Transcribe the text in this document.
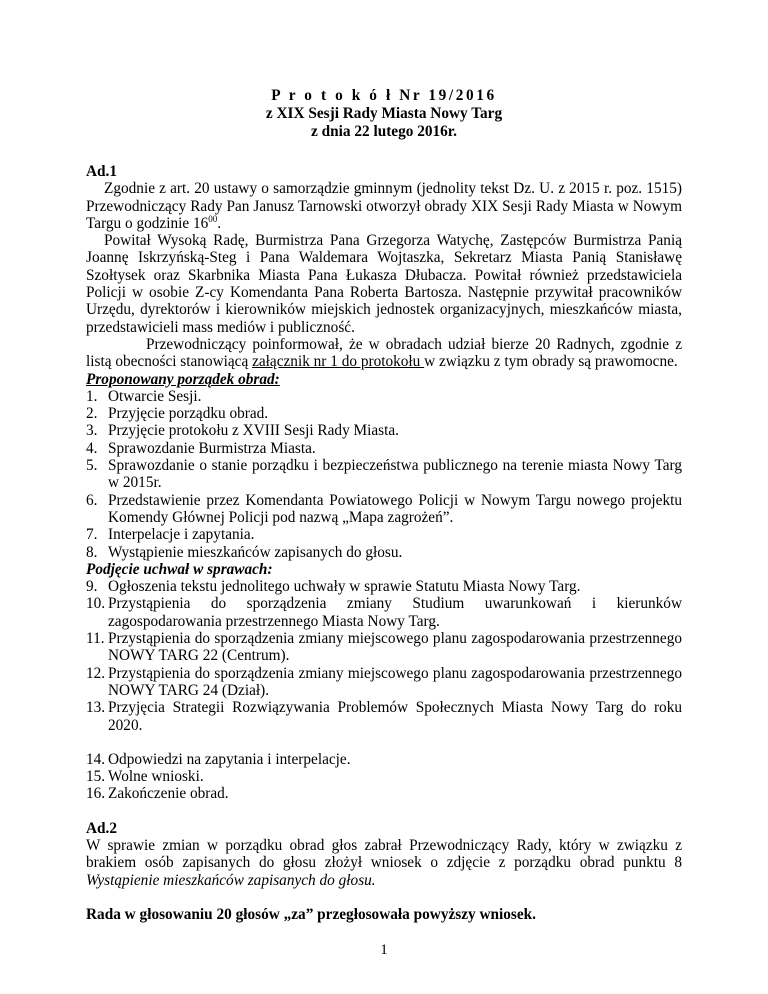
P r o t o k ó ł Nr 19/2016
z XIX Sesji Rady Miasta Nowy Targ
z dnia 22 lutego 2016r.
Ad.1
Zgodnie z art. 20 ustawy o samorządzie gminnym (jednolity tekst Dz. U. z 2015 r. poz. 1515) Przewodniczący Rady Pan Janusz Tarnowski otworzył obrady XIX Sesji Rady Miasta w Nowym Targu o godzinie $16^{00}$.
Powitał Wysoką Radę, Burmistrza Pana Grzegorza Watychę, Zastępców Burmistrza Panią Joannę Iskrzyńską-Steg i Pana Waldemara Wojtaszka, Sekretarz Miasta Panią Stanisławę Szołtysek oraz Skarbnika Miasta Pana Łukasza Dłubacza. Powitał również przedstawiciela Policji w osobie Z-cy Komendanta Pana Roberta Bartosza. Następnie przywitał pracowników Urzędu, dyrektorów i kierowników miejskich jednostek organizacyjnych, mieszkańców miasta, przedstawicieli mass mediów i publiczność.
Przewodniczący poinformował, że w obradach udział bierze 20 Radnych, zgodnie z listą obecności stanowiącą załącznik nr 1 do protokołu w związku z tym obrady są prawomocne.
Proponowany porządek obrad:
1. Otwarcie Sesji.
2. Przyjęcie porządku obrad.
3. Przyjęcie protokołu z XVIII Sesji Rady Miasta.
4. Sprawozdanie Burmistrza Miasta.
5. Sprawozdanie o stanie porządku i bezpieczeństwa publicznego na terenie miasta Nowy Targ w 2015r.
6. Przedstawienie przez Komendanta Powiatowego Policji w Nowym Targu nowego projektu Komendy Głównej Policji pod nazwą „Mapa zagrożeń”.
7. Interpelacje i zapytania.
8. Wystąpienie mieszkańców zapisanych do głosu.
Podjęcie uchwał w sprawach:
9. Ogłoszenia tekstu jednolitego uchwały w sprawie Statutu Miasta Nowy Targ.
10. Przystąpienia do sporządzenia zmiany Studium uwarunkowań i kierunków zagospodarowania przestrzennego Miasta Nowy Targ.
11. Przystąpienia do sporządzenia zmiany miejscowego planu zagospodarowania przestrzennego NOWY TARG 22 (Centrum).
12. Przystąpienia do sporządzenia zmiany miejscowego planu zagospodarowania przestrzennego NOWY TARG 24 (Dział).
13. Przyjęcia Strategii Rozwiązywania Problemów Społecznych Miasta Nowy Targ do roku 2020.
14. Odpowiedzi na zapytania i interpelacje.
15. Wolne wnioski.
16. Zakończenie obrad.
Ad.2
W sprawie zmian w porządku obrad głos zabrał Przewodniczący Rady, który w związku z brakiem osób zapisanych do głosu złożył wniosek o zdjęcie z porządku obrad punktu 8 Wystąpienie mieszkańców zapisanych do głosu.
Rada w głosowaniu 20 głosów „za” przegłosowała powyższy wniosek.
1
